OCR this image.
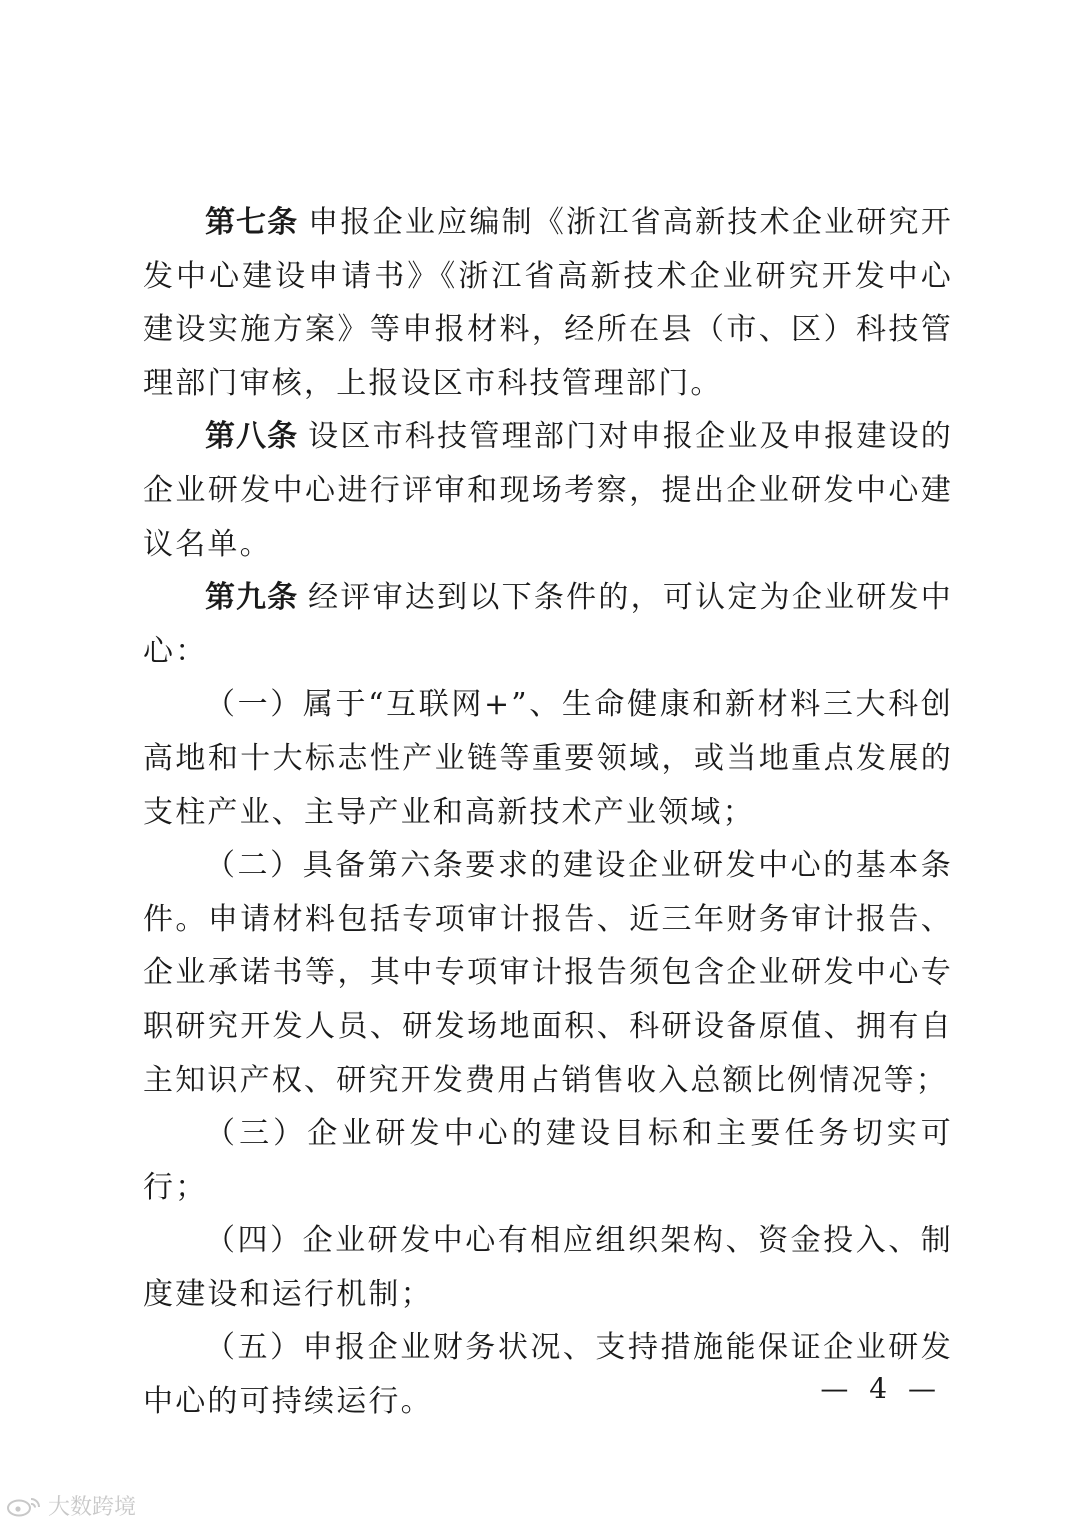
第七条 申报企业应编制《浙江省高新技术企业研究开发中心建设申请书》《浙江省高新技术企业研究开发中心建设实施方案》等申报材料，经所在县（市、区）科技管理部门审核，上报设区市科技管理部门。

第八条 设区市科技管理部门对申报企业及申报建设的企业研发中心进行评审和现场考察，提出企业研发中心建议名单。

第九条 经评审达到以下条件的，可认定为企业研发中心：

（一）属于“互联网+”、生命健康和新材料三大科创高地和十大标志性产业链等重要领域，或当地重点发展的支柱产业、主导产业和高新技术产业领域；

（二）具备第六条要求的建设企业研发中心的基本条件。申请材料包括专项审计报告、近三年财务审计报告、企业承诺书等，其中专项审计报告须包含企业研发中心专职研究开发人员、研发场地面积、科研设备原值、拥有自主知识产权、研究开发费用占销售收入总额比例情况等；

（三）企业研发中心的建设目标和主要任务切实可行；

（四）企业研发中心有相应组织架构、资金投入、制度建设和运行机制；

（五）申报企业财务状况、支持措施能保证企业研发中心的可持续运行。	— 4 —
大数跨境
